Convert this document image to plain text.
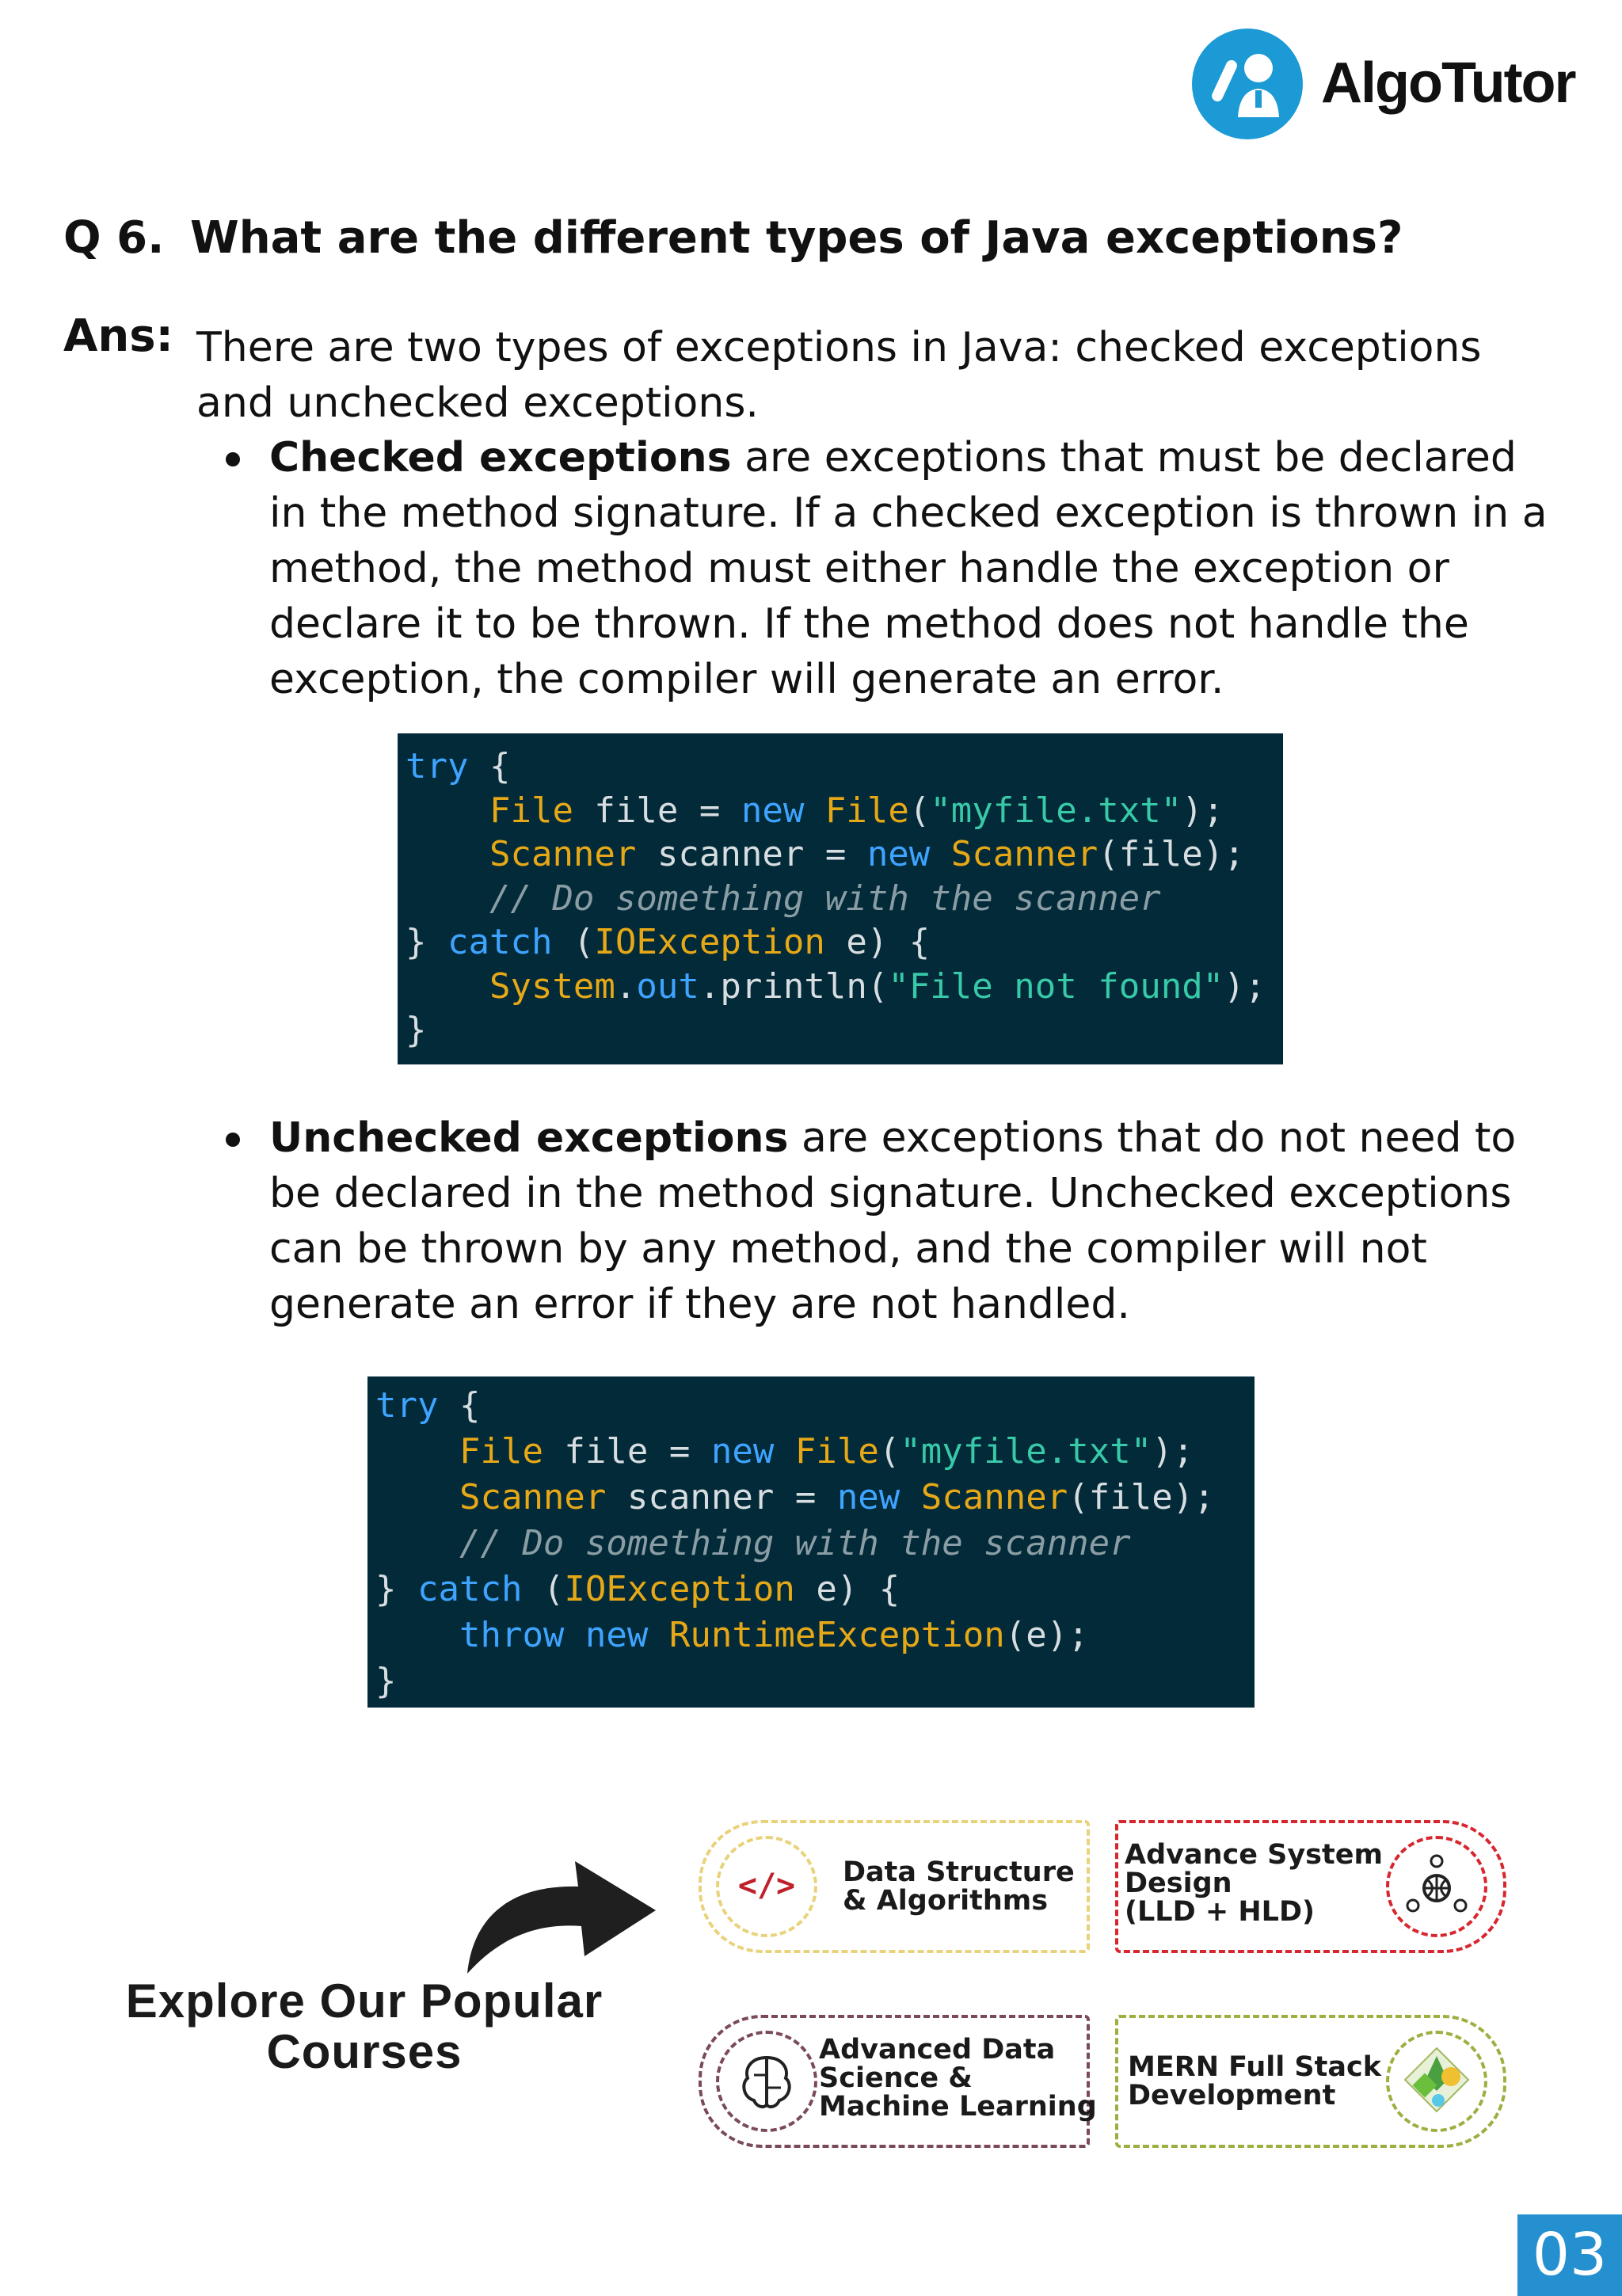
AlgoTutor
Q 6. What are the different types of Java exceptions?
Ans: There are two types of exceptions in Java: checked exceptions and unchecked exceptions.
Checked exceptions are exceptions that must be declared in the method signature. If a checked exception is thrown in a method, the method must either handle the exception or declare it to be thrown. If the method does not handle the exception, the compiler will generate an error.
try {
File file = new File("myfile.txt");
Scanner scanner = new Scanner(file);
// Do something with the scanner
} catch (IOException e) {
System.out.println("File not found");
}
Unchecked exceptions are exceptions that do not need to be declared in the method signature. Unchecked exceptions can be thrown by any method, and the compiler will not generate an error if they are not handled.
try {
File file = new File("myfile.txt");
Scanner scanner = new Scanner(file);
// Do something with the scanner
} catch (IOException e) {
throw new RuntimeException(e);
}
Explore Our Popular
Courses
</>	Data Structure
& Algorithms
Advance System
Design
(LLD + HLD)
Advanced Data
Science &
Machine Learning
MERN Full Stack
Development
03
